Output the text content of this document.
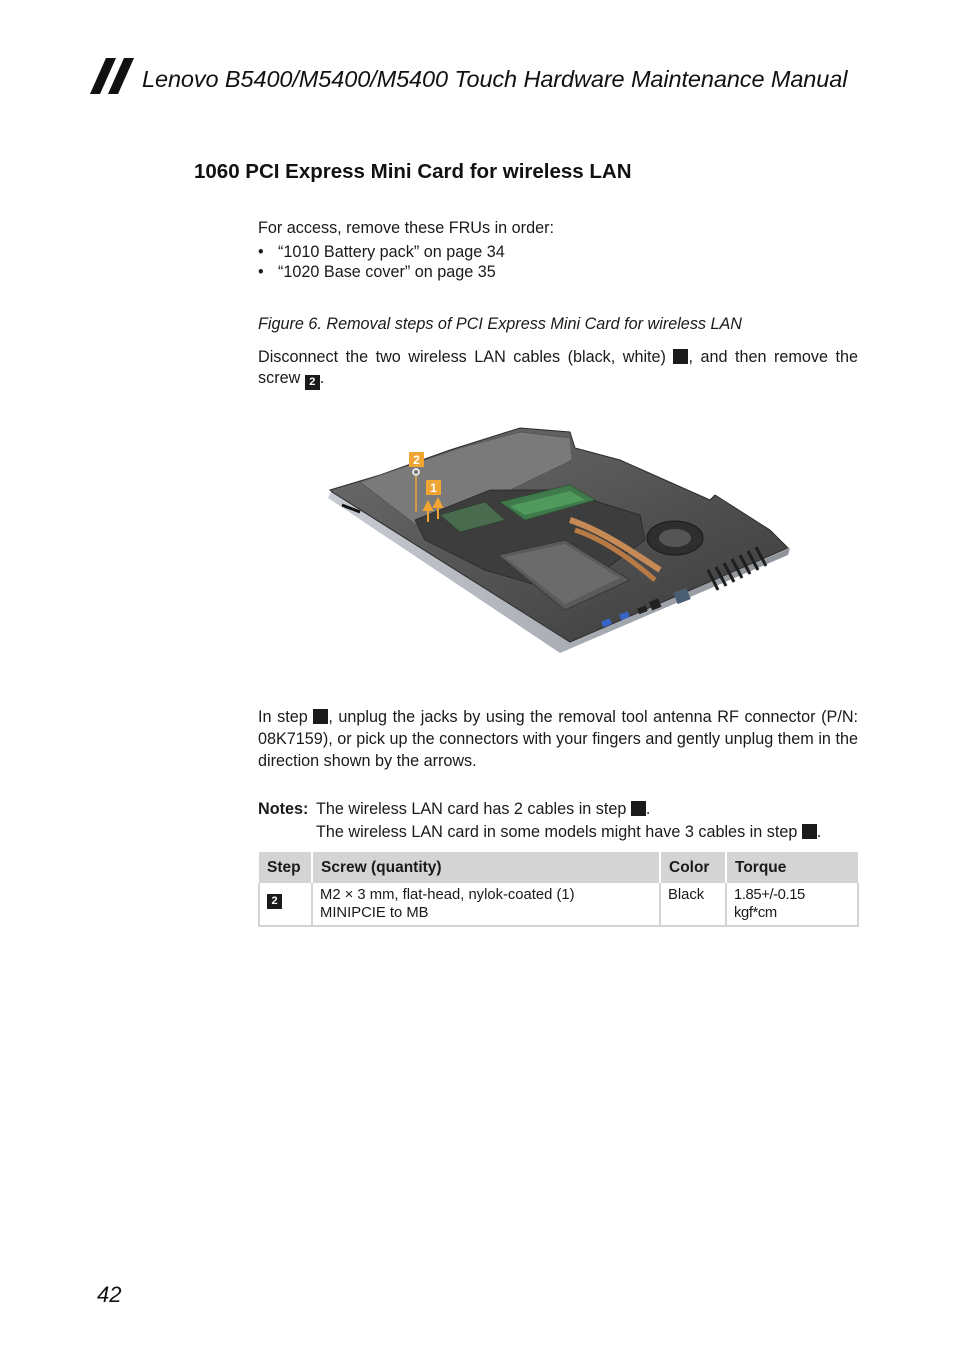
Lenovo B5400/M5400/M5400 Touch Hardware Maintenance Manual
1060 PCI Express Mini Card for wireless LAN
For access, remove these FRUs in order:
• “1010 Battery pack” on page 34
• “1020 Base cover” on page 35
Figure 6. Removal steps of PCI Express Mini Card for wireless LAN
Disconnect the two wireless LAN cables (black, white) , and then remove the screw 2 .
2
1
In step , unplug the jacks by using the removal tool antenna RF connector (P/N: 08K7159), or pick up the connectors with your fingers and gently unplug them in the direction shown by the arrows.
Notes: The wireless LAN card has 2 cables in step .
The wireless LAN card in some models might have 3 cables in step .
Step	Screw (quantity)	Color	Torque
2	M2 × 3 mm, flat-head, nylok-coated (1)
MINIPCIE to MB	Black	1.85+/-0.15 kgf*cm
42
